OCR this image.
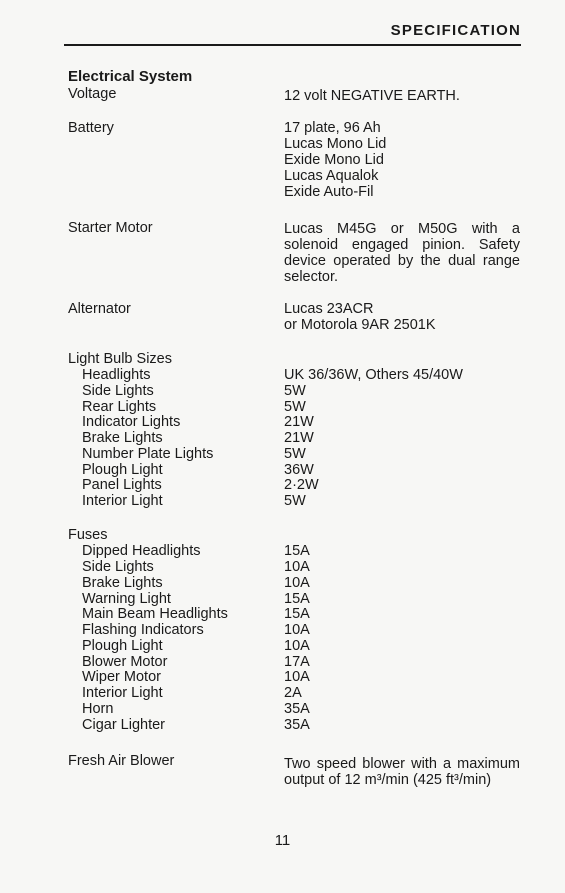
SPECIFICATION
Electrical System
Voltage	12 volt NEGATIVE EARTH.
Battery	17 plate, 96 Ah
Lucas Mono Lid
Exide Mono Lid
Lucas Aqualok
Exide Auto-Fil
Starter Motor	Lucas M45G or M50G with a solenoid engaged pinion. Safety device operated by the dual range selector.
Alternator	Lucas 23ACR
or Motorola 9AR 2501K
Light Bulb Sizes
Headlights	UK 36/36W, Others 45/40W
Side Lights	5W
Rear Lights	5W
Indicator Lights	21W
Brake Lights	21W
Number Plate Lights	5W
Plough Light	36W
Panel Lights	2·2W
Interior Light	5W
Fuses
Dipped Headlights	15A
Side Lights	10A
Brake Lights	10A
Warning Light	15A
Main Beam Headlights	15A
Flashing Indicators	10A
Plough Light	10A
Blower Motor	17A
Wiper Motor	10A
Interior Light	2A
Horn	35A
Cigar Lighter	35A
Fresh Air Blower	Two speed blower with a maximum output of 12 m³/min (425 ft³/min)
11
